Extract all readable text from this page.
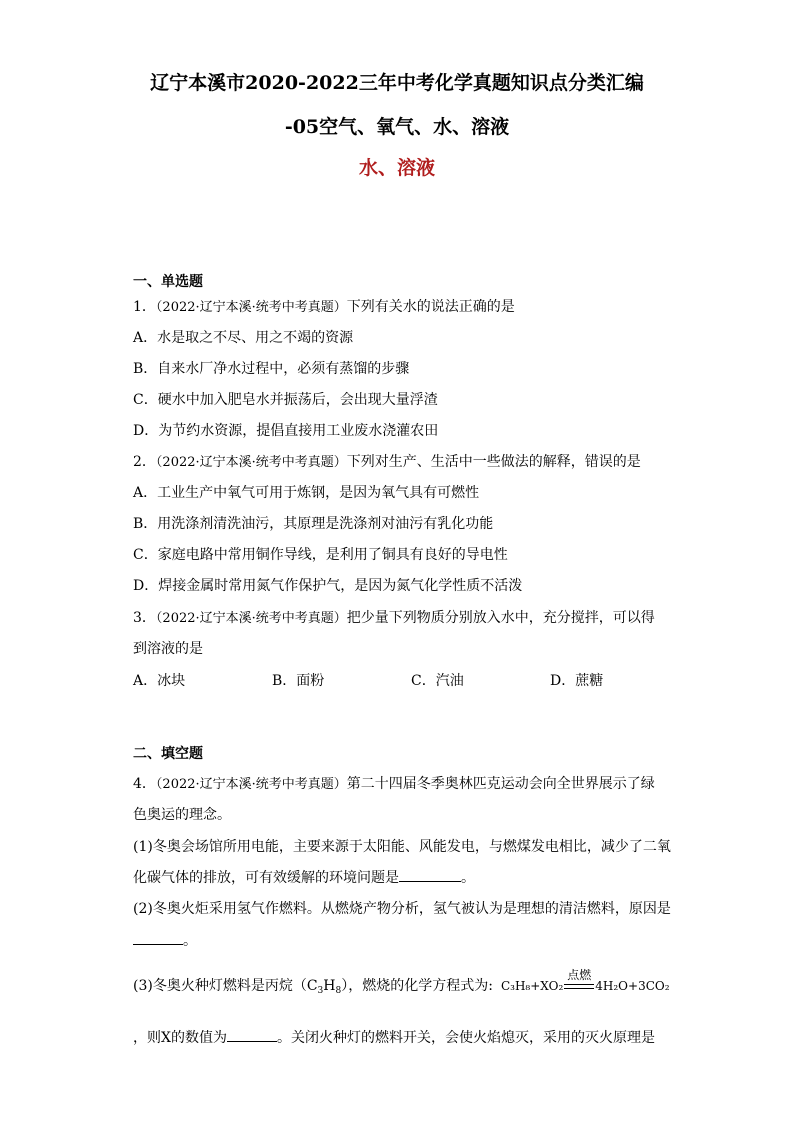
辽宁本溪市2020-2022三年中考化学真题知识点分类汇编
-05空气、氧气、水、溶液
水、溶液
一、单选题
1．（2022·辽宁本溪·统考中考真题）下列有关水的说法正确的是
A．水是取之不尽、用之不竭的资源
B．自来水厂净水过程中，必须有蒸馏的步骤
C．硬水中加入肥皂水并振荡后，会出现大量浮渣
D．为节约水资源，提倡直接用工业废水浇灌农田
2．（2022·辽宁本溪·统考中考真题）下列对生产、生活中一些做法的解释，错误的是
A．工业生产中氧气可用于炼钢，是因为氧气具有可燃性
B．用洗涤剂清洗油污，其原理是洗涤剂对油污有乳化功能
C．家庭电路中常用铜作导线，是利用了铜具有良好的导电性
D．焊接金属时常用氮气作保护气，是因为氮气化学性质不活泼
3．（2022·辽宁本溪·统考中考真题）把少量下列物质分别放入水中，充分搅拌，可以得
到溶液的是
A．冰块	B．面粉	C．汽油	D．蔗糖
二、填空题
4．（2022·辽宁本溪·统考中考真题）第二十四届冬季奥林匹克运动会向全世界展示了绿
色奥运的理念。
(1)冬奥会场馆所用电能，主要来源于太阳能、风能发电，与燃煤发电相比，减少了二氧
化碳气体的排放，可有效缓解的环境问题是	。
(2)冬奥火炬采用氢气作燃料。从燃烧产物分析，氢气被认为是理想的清洁燃料，原因是
。
(3)冬奥火种灯燃料是丙烷$(C_3H_8)$，燃烧的化学方程式为: C₃H₈+XO₂
点燃
4H₂O+3CO₂
，则X的数值为	。关闭火种灯的燃料开关，会使火焰熄灭，采用的灭火原理是
